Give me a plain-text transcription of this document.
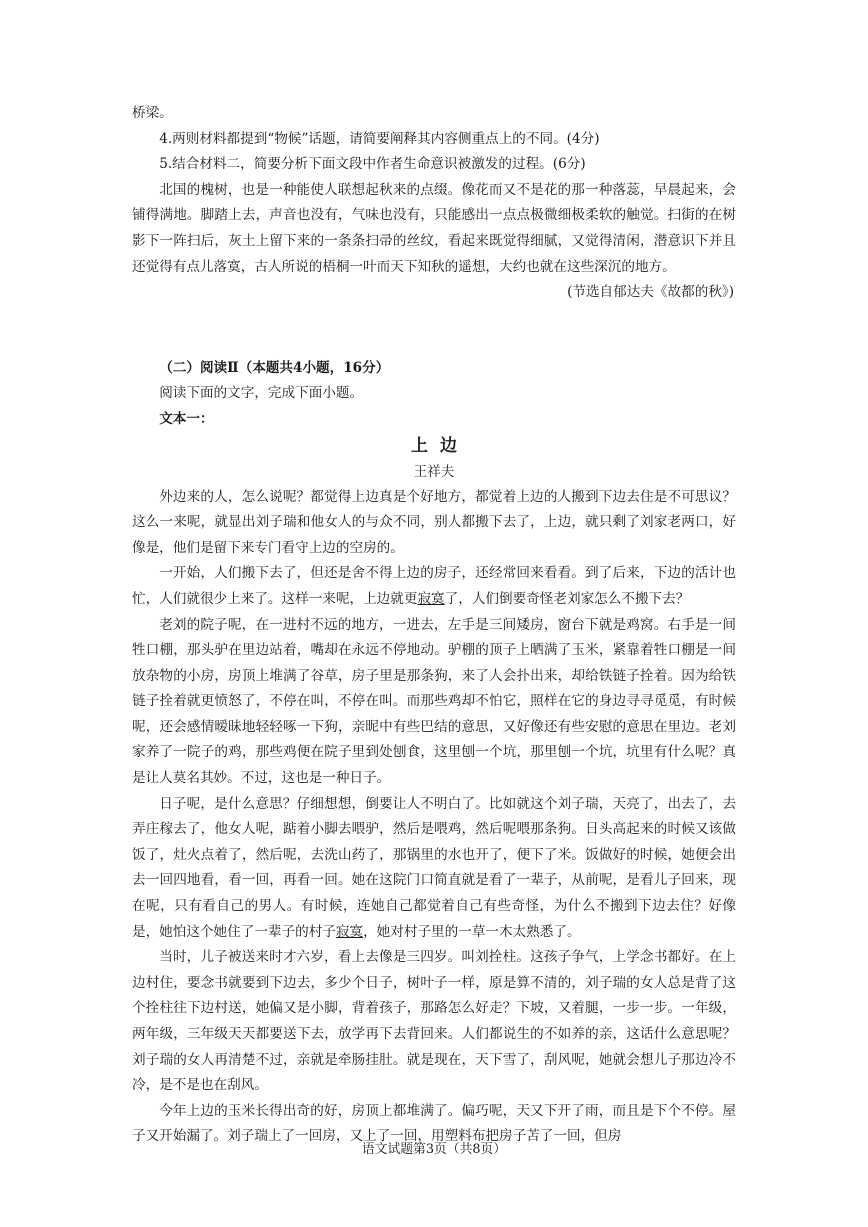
桥梁。

4.两则材料都提到“物候”话题，请简要阐释其内容侧重点上的不同。(4分)

5.结合材料二，简要分析下面文段中作者生命意识被激发的过程。(6分)

北国的槐树，也是一种能使人联想起秋来的点缀。像花而又不是花的那一种落蕊，早晨起来，会铺得满地。脚踏上去，声音也没有，气味也没有，只能感出一点点极微细极柔软的触觉。扫街的在树影下一阵扫后，灰土上留下来的一条条扫帚的丝纹，看起来既觉得细腻，又觉得清闲，潜意识下并且还觉得有点儿落寞，古人所说的梧桐一叶而天下知秋的遥想，大约也就在这些深沉的地方。

(节选自郁达夫《故都的秋》)

（二）阅读Ⅱ（本题共4小题，16分）

阅读下面的文字，完成下面小题。

文本一：

上边

王祥夫

外边来的人，怎么说呢？都觉得上边真是个好地方，都觉着上边的人搬到下边去住是不可思议？这么一来呢，就显出刘子瑞和他女人的与众不同，别人都搬下去了，上边，就只剩了刘家老两口，好像是，他们是留下来专门看守上边的空房的。

一开始，人们搬下去了，但还是舍不得上边的房子，还经常回来看看。到了后来，下边的活计也忙，人们就很少上来了。这样一来呢，上边就更寂寞了，人们倒要奇怪老刘家怎么不搬下去？

老刘的院子呢，在一进村不远的地方，一进去，左手是三间矮房，窗台下就是鸡窝。右手是一间牲口棚，那头驴在里边站着，嘴却在永远不停地动。驴棚的顶子上晒满了玉米，紧靠着牲口棚是一间放杂物的小房，房顶上堆满了谷草，房子里是那条狗，来了人会扑出来，却给铁链子拴着。因为给铁链子拴着就更愤怒了，不停在叫，不停在叫。而那些鸡却不怕它，照样在它的身边寻寻觅觅，有时候呢，还会感情暧昧地轻轻啄一下狗，亲昵中有些巴结的意思，又好像还有些安慰的意思在里边。老刘家养了一院子的鸡，那些鸡便在院子里到处刨食，这里刨一个坑，那里刨一个坑，坑里有什么呢？真是让人莫名其妙。不过，这也是一种日子。

日子呢，是什么意思？仔细想想，倒要让人不明白了。比如就这个刘子瑞，天亮了，出去了，去弄庄稼去了，他女人呢，踮着小脚去喂驴，然后是喂鸡，然后呢喂那条狗。日头高起来的时候又该做饭了，灶火点着了，然后呢，去洗山药了，那锅里的水也开了，便下了米。饭做好的时候，她便会出去一回四地看，看一回，再看一回。她在这院门口简直就是看了一辈子，从前呢，是看儿子回来，现在呢，只有看自己的男人。有时候，连她自己都觉着自己有些奇怪，为什么不搬到下边去住？好像是，她怕这个她住了一辈子的村子寂寞，她对村子里的一草一木太熟悉了。

当时，儿子被送来时才六岁，看上去像是三四岁。叫刘拴柱。这孩子争气，上学念书都好。在上边村住，要念书就要到下边去，多少个日子，树叶子一样，原是算不清的，刘子瑞的女人总是背了这个拴柱往下边村送，她偏又是小脚，背着孩子，那路怎么好走？下坡，又着腿，一步一步。一年级，两年级，三年级天天都要送下去，放学再下去背回来。人们都说生的不如养的亲，这话什么意思呢？刘子瑞的女人再清楚不过，亲就是牵肠挂肚。就是现在，天下雪了，刮风呢，她就会想儿子那边冷不冷，是不是也在刮风。

今年上边的玉米长得出奇的好，房顶上都堆满了。偏巧呢，天又下开了雨，而且是下个不停。屋子又开始漏了。刘子瑞上了一回房，又上了一回，用塑料布把房子苫了一回，但房

语文试题第3页（共8页）
